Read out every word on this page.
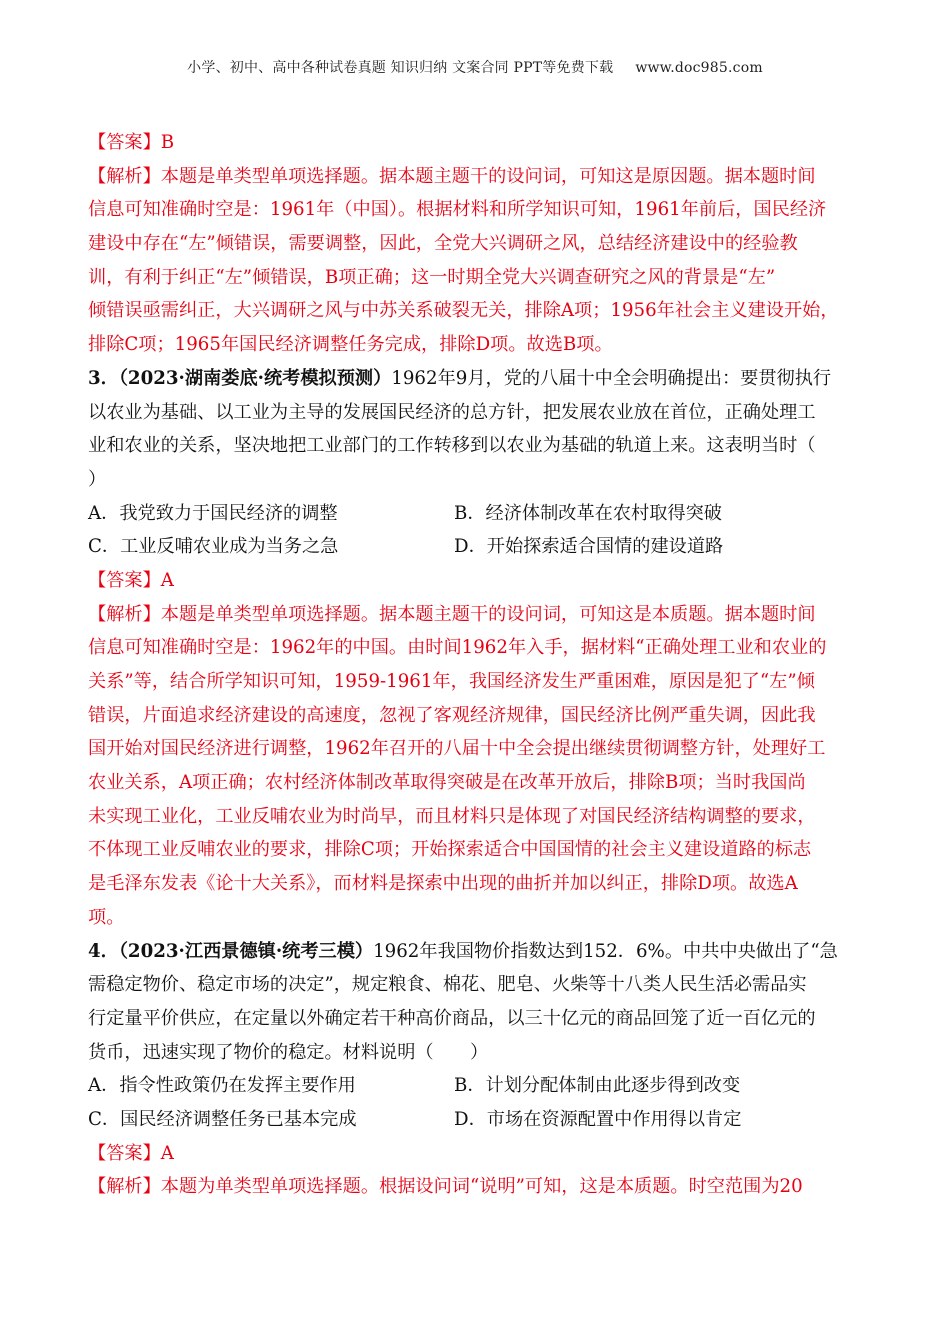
小学、初中、高中各种试卷真题 知识归纳 文案合同 PPT等免费下载 www.doc985.com
【答案】B
【解析】本题是单类型单项选择题。据本题主题干的设问词，可知这是原因题。据本题时间
信息可知准确时空是：1961年（中国）。根据材料和所学知识可知，1961年前后，国民经济
建设中存在“左”倾错误，需要调整，因此，全党大兴调研之风，总结经济建设中的经验教
训，有利于纠正“左”倾错误，B项正确；这一时期全党大兴调查研究之风的背景是“左”
倾错误亟需纠正，大兴调研之风与中苏关系破裂无关，排除A项；1956年社会主义建设开始，
排除C项；1965年国民经济调整任务完成，排除D项。故选B项。
3．（2023·湖南娄底·统考模拟预测）1962年9月，党的八届十中全会明确提出：要贯彻执行
以农业为基础、以工业为主导的发展国民经济的总方针，把发展农业放在首位，正确处理工
业和农业的关系，坚决地把工业部门的工作转移到以农业为基础的轨道上来。这表明当时（
）
A．我党致力于国民经济的调整	B．经济体制改革在农村取得突破
C．工业反哺农业成为当务之急	D．开始探索适合国情的建设道路
【答案】A
【解析】本题是单类型单项选择题。据本题主题干的设问词，可知这是本质题。据本题时间
信息可知准确时空是：1962年的中国。由时间1962年入手，据材料“正确处理工业和农业的
关系”等，结合所学知识可知，1959-1961年，我国经济发生严重困难，原因是犯了“左”倾
错误，片面追求经济建设的高速度，忽视了客观经济规律，国民经济比例严重失调，因此我
国开始对国民经济进行调整，1962年召开的八届十中全会提出继续贯彻调整方针，处理好工
农业关系，A项正确；农村经济体制改革取得突破是在改革开放后，排除B项；当时我国尚
未实现工业化，工业反哺农业为时尚早，而且材料只是体现了对国民经济结构调整的要求，
不体现工业反哺农业的要求，排除C项；开始探索适合中国国情的社会主义建设道路的标志
是毛泽东发表《论十大关系》，而材料是探索中出现的曲折并加以纠正，排除D项。故选A
项。
4．（2023·江西景德镇·统考三模）1962年我国物价指数达到152．6%。中共中央做出了“急
需稳定物价、稳定市场的决定”，规定粮食、棉花、肥皂、火柴等十八类人民生活必需品实
行定量平价供应，在定量以外确定若干种高价商品，以三十亿元的商品回笼了近一百亿元的
货币，迅速实现了物价的稳定。材料说明（　　）
A．指令性政策仍在发挥主要作用	B．计划分配体制由此逐步得到改变
C．国民经济调整任务已基本完成	D．市场在资源配置中作用得以肯定
【答案】A
【解析】本题为单类型单项选择题。根据设问词“说明”可知，这是本质题。时空范围为20
